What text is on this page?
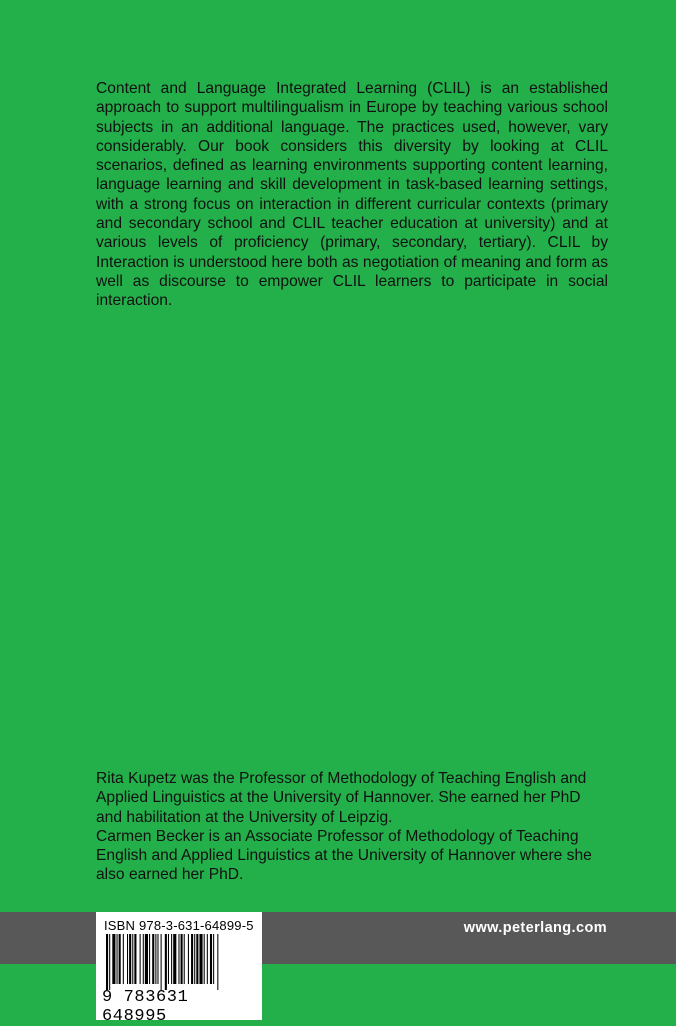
Content and Language Integrated Learning (CLIL) is an established approach to support multilingualism in Europe by teaching various school subjects in an additional language. The practices used, however, vary considerably. Our book considers this diversity by looking at CLIL scenarios, defined as learning environments supporting content learning, language learning and skill development in task-based learning settings, with a strong focus on interaction in different curricular contexts (primary and secondary school and CLIL teacher education at university) and at various levels of proficiency (primary, secondary, tertiary). CLIL by Interaction is understood here both as negotiation of meaning and form as well as discourse to empower CLIL learners to participate in social interaction.

Rita Kupetz was the Professor of Methodology of Teaching English and Applied Linguistics at the University of Hannover. She earned her PhD and habilitation at the University of Leipzig.

Carmen Becker is an Associate Professor of Methodology of Teaching English and Applied Linguistics at the University of Hannover where she also earned her PhD.

www.peterlang.com
ISBN 978-3-631-64899-5
9 783631 648995
